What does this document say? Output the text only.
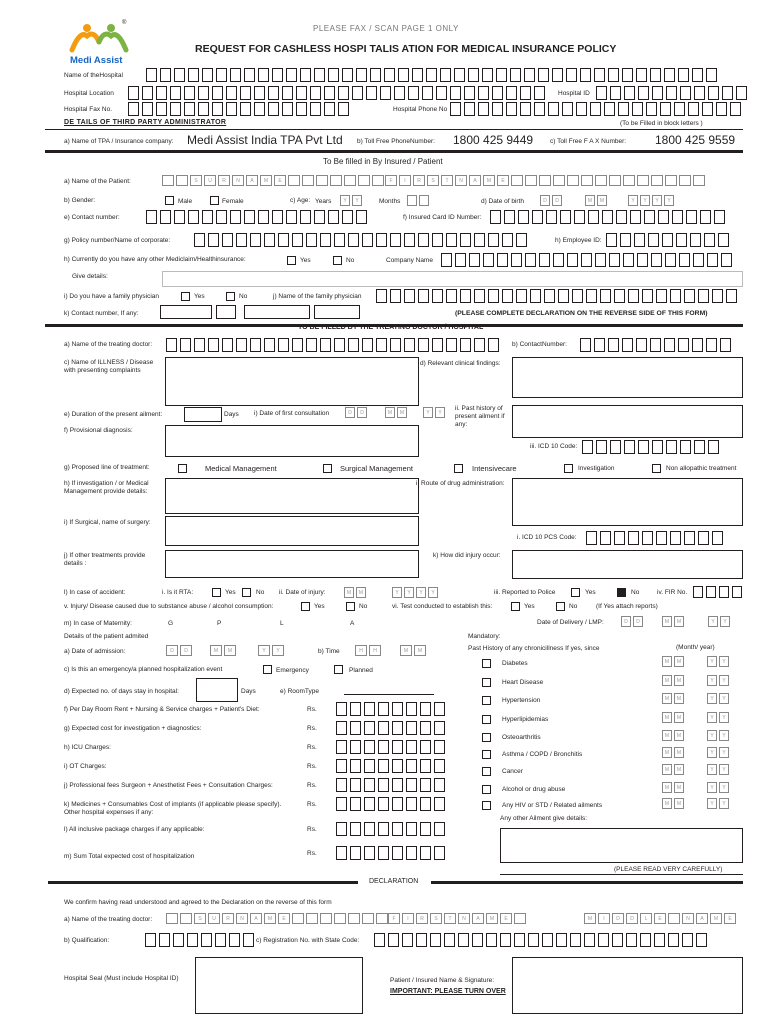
Medi Assist
®
PLEASE FAX / SCAN PAGE 1 ONLY
REQUEST FOR CASHLESS HOSPI TALIS ATION FOR MEDICAL INSURANCE POLICY
Name of theHospital
Hospital Location	Hospital ID
Hospital Fax No.	Hospital Phone No
DE TAILS OF THIRD PARTY ADMINISTRATOR	(To be Filled in block letters )
a) Name of TPA / Insurance company: Medi Assist India TPA Pvt Ltd b) Toll Free PhoneNumber: 1800 425 9449	c) Toll Free F A X Number: 1800 425 9559
To Be filled in By Insured / Patient
a) Name of the Patient:	S	U	R	N	A	M	E	F	I	R	S	T	N	A	M	E
b) Gender:	Male	Female	c) Age: Years	Y	Y	Months	d) Date of birth	D	D	M	M	Y	Y	Y	Y
e) Contact number:	f) Insured Card ID Number:
g) Policy number/Name of corporate:	h) Employee ID:
h) Currently do you have any other Mediclaim/Healthinsurance:	Yes	No	Company Name
Give details:
i) Do you have a family physician	Yes	No	j) Name of the family physician
k) Contact number, If any:	(PLEASE COMPLETE DECLARATION ON THE REVERSE SIDE OF THIS FORM)
TO BE FILLED BY THE TREATING DOCTOR / HOSPITAL
a) Name of the treating doctor:	b) ContactNumber:
c) Name of ILLNESS / Disease with presenting complaints
d) Relevant clinical findings:
e) Duration of the present ailment:	Days i) Date of first consultation	D	D	M	M	Y	Y
ii. Past history of present ailment if any:
f) Provisional diagnosis:
iii. ICD 10 Code:
g) Proposed line of treatment:	Medical Management	Surgical Management	Intensivecare	Investigation	Non allopathic treatment
h) If investigation / or Medical Management provide details:
i. Route of drug administration:
i) If Surgical, name of surgery:
i. ICD 10 PCS Code:
j) If other treatments provide details :
k) How did injury occur:
l) In case of accident:	i. Is it RTA:	Yes	No ii. Date of injury:	M	M	Y	Y	Y	Y	iii. Reported to Police	Yes	No	iv. FIR No.
v. Injury/ Disease caused due to substance abuse / alcohol consumption:	Yes	No	vi. Test conducted to establish this:	Yes	No	(If Yes attach reports)
m) In case of Maternity:	G	P	L	A	Date of Delivery / LMP:	D	D	M	M	Y	Y
Details of the patient admited	Mandatory:
a) Date of admission:	D	D	M	M	Y	Y	b) Time	H	H	M	M	Past History of any chronicillness If yes, since	(Month/ year)
c) Is this an emergency/a planned hospitalization event	Emergency	Planned
d) Expected no. of days stay in hospital:	Days	e) RoomType
f) Per Day Room Rent + Nursing & Service charges + Patient's Diet:	Rs.
g) Expected cost for investigation + diagnostics:	Rs.
h) ICU Charges:	Rs.
i) OT Charges:	Rs.
j) Professional fees Surgeon + Anesthetist Fees + Consultation Charges:	Rs.
k) Medicines + Consumables Cost of implants (if applicable please specify). Other hospital expenses if any:
Rs.
l) All inclusive package charges if any applicable:	Rs.
m) Sum Total expected cost of hospitalization	Rs.
Diabetes	M	M	Y	Y
Heart Disease	M	M	Y	Y
Hypertension	M	M	Y	Y
Hyperlipidemias	M	M	Y	Y
Osteoarthritis	M	M	Y	Y
Asthma / COPD / Bronchitis	M	M	Y	Y
Cancer	M	M	Y	Y
Alcohol or drug abuse	M	M	Y	Y
Any HIV or STD / Related ailments	M	M	Y	Y
Any other Ailment give details:
(PLEASE READ VERY CAREFULLY)
DECLARATION
We confirm having read understood and agreed to the Declaration on the reverse of this form
a) Name of the treating doctor:	S	U	R	N	A	M	E	F	I	R	S	T	N	A	M	E	M	I	D	D	L	E	N	A	M	E
b) Qualification:	c) Registration No. with State Code:
Hospital Seal (Must include Hospital ID)	Patient / Insured Name & Signature:
IMPORTANT: PLEASE TURN OVER
